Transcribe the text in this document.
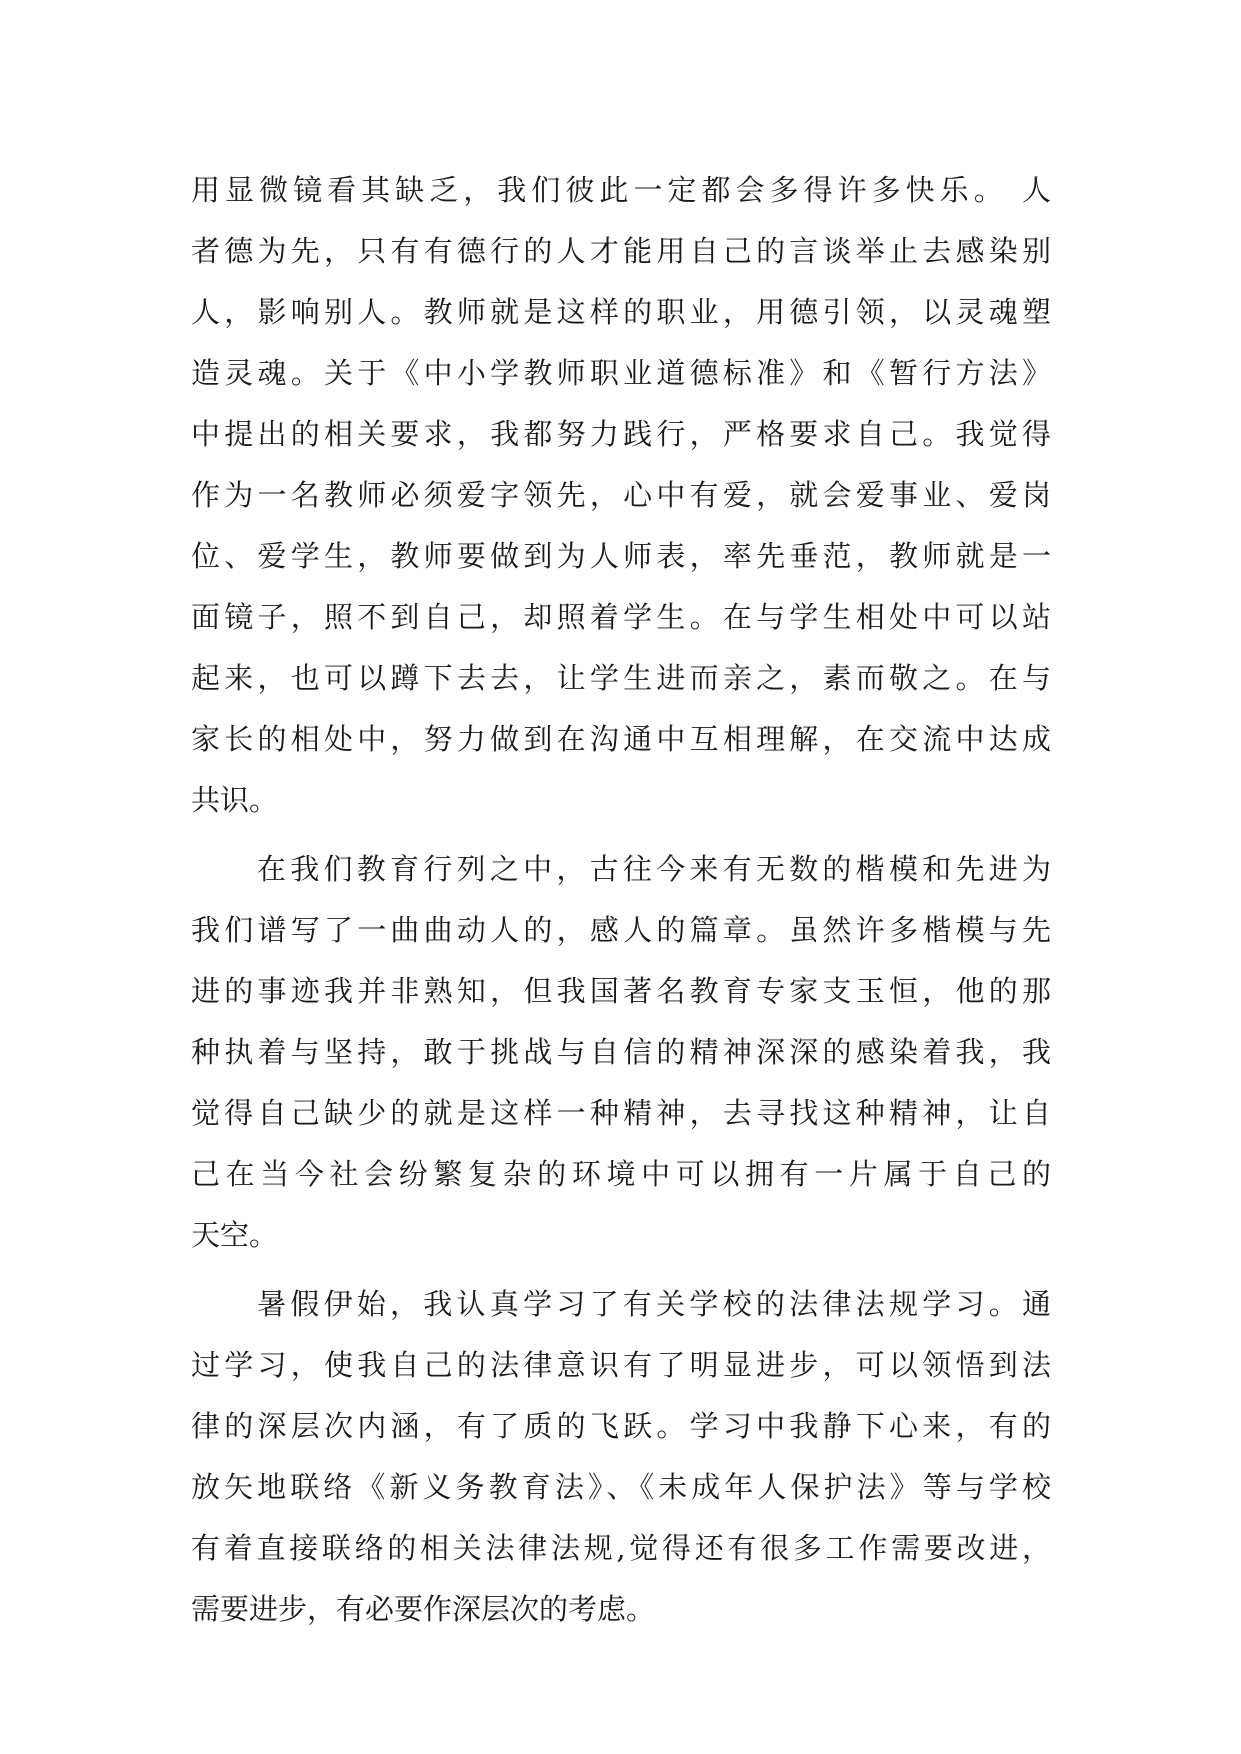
用显微镜看其缺乏，我们彼此一定都会多得许多快乐。 人
者德为先，只有有德行的人才能用自己的言谈举止去感染别
人，影响别人。教师就是这样的职业，用德引领，以灵魂塑
造灵魂。关于《中小学教师职业道德标准》和《暂行方法》
中提出的相关要求，我都努力践行，严格要求自己。我觉得
作为一名教师必须爱字领先，心中有爱，就会爱事业、爱岗
位、爱学生，教师要做到为人师表，率先垂范，教师就是一
面镜子，照不到自己，却照着学生。在与学生相处中可以站
起来，也可以蹲下去去，让学生进而亲之，素而敬之。在与
家长的相处中，努力做到在沟通中互相理解，在交流中达成
共识。
在我们教育行列之中，古往今来有无数的楷模和先进为
我们谱写了一曲曲动人的，感人的篇章。虽然许多楷模与先
进的事迹我并非熟知，但我国著名教育专家支玉恒，他的那
种执着与坚持，敢于挑战与自信的精神深深的感染着我，我
觉得自己缺少的就是这样一种精神，去寻找这种精神，让自
己在当今社会纷繁复杂的环境中可以拥有一片属于自己的
天空。
暑假伊始，我认真学习了有关学校的法律法规学习。通
过学习，使我自己的法律意识有了明显进步，可以领悟到法
律的深层次内涵，有了质的飞跃。学习中我静下心来，有的
放矢地联络《新义务教育法》、《未成年人保护法》等与学校
有着直接联络的相关法律法规,觉得还有很多工作需要改进，
需要进步，有必要作深层次的考虑。
